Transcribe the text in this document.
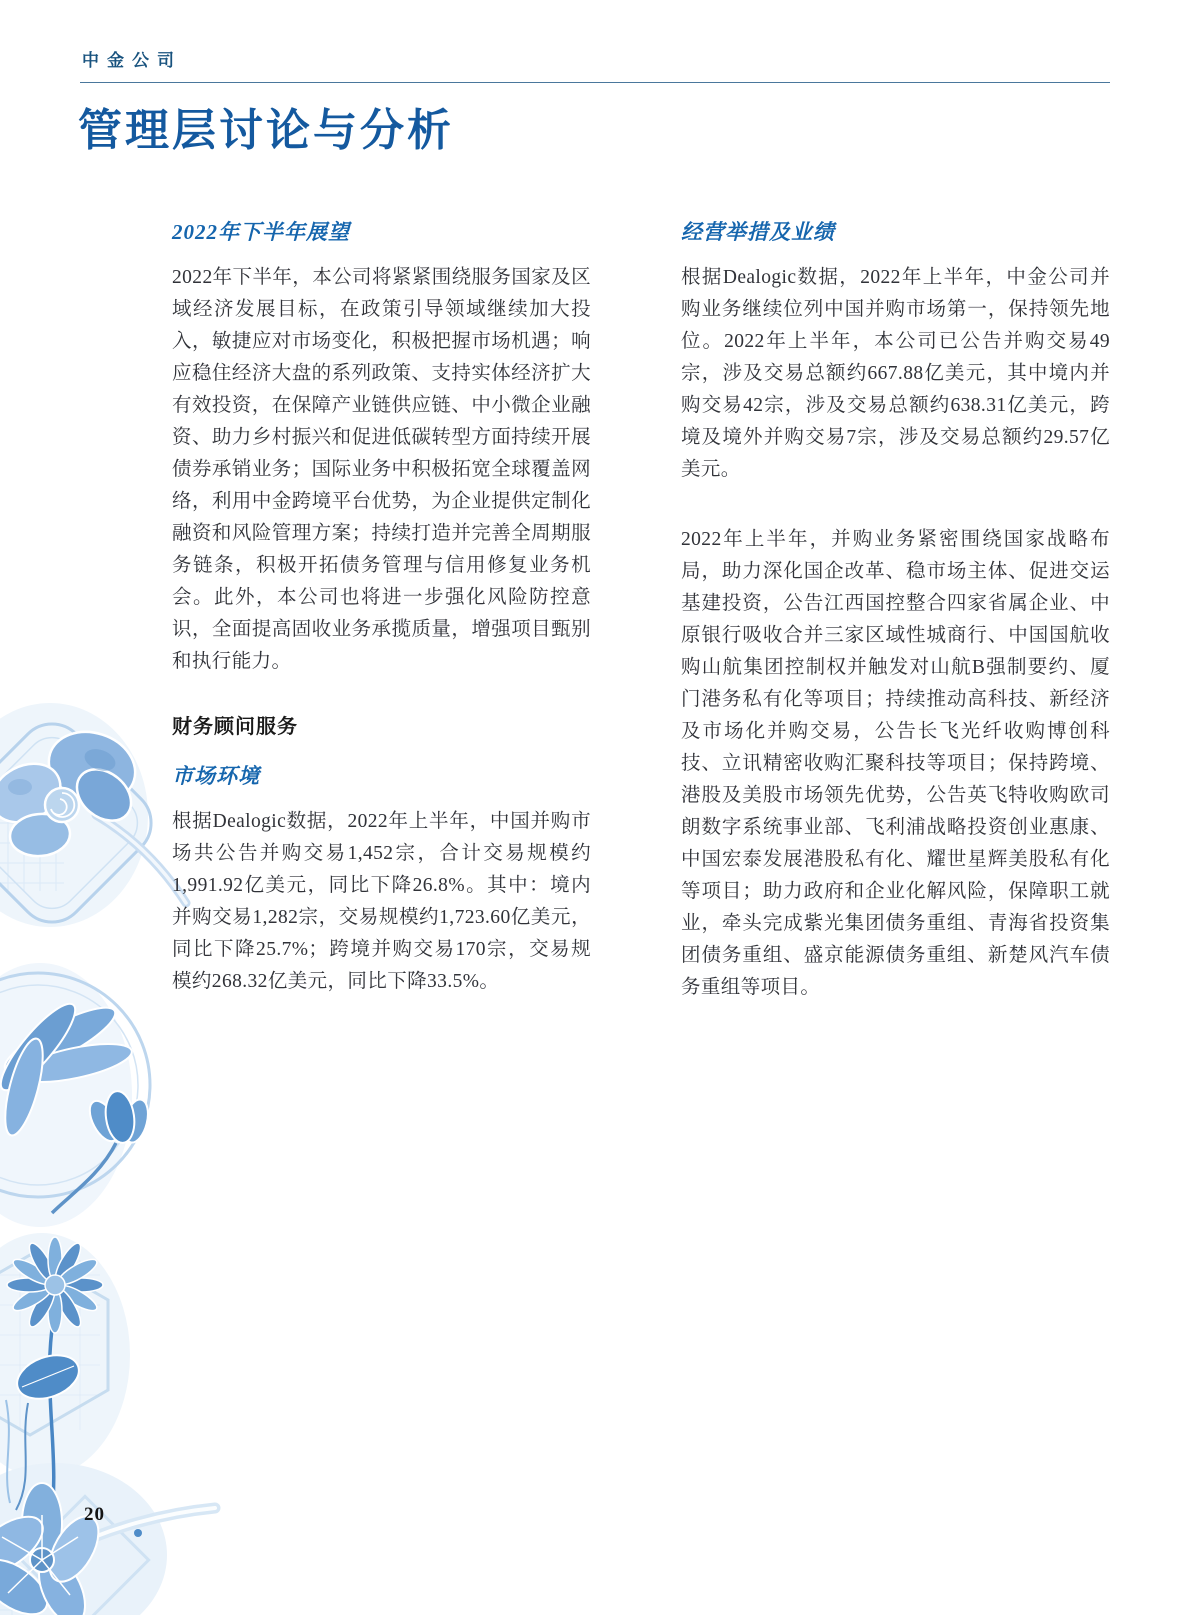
中金公司
管理层讨论与分析
2022年下半年展望

2022年下半年，本公司将紧紧围绕服务国家及区域经济发展目标，在政策引导领域继续加大投入，敏捷应对市场变化，积极把握市场机遇；响应稳住经济大盘的系列政策、支持实体经济扩大有效投资，在保障产业链供应链、中小微企业融资、助力乡村振兴和促进低碳转型方面持续开展债券承销业务；国际业务中积极拓宽全球覆盖网络，利用中金跨境平台优势，为企业提供定制化融资和风险管理方案；持续打造并完善全周期服务链条，积极开拓债务管理与信用修复业务机会。此外，本公司也将进一步强化风险防控意识，全面提高固收业务承揽质量，增强项目甄别和执行能力。

财务顾问服务
市场环境

根据Dealogic数据，2022年上半年，中国并购市场共公告并购交易1,452宗，合计交易规模约1,991.92亿美元，同比下降26.8%。其中：境内并购交易1,282宗，交易规模约1,723.60亿美元，同比下降25.7%；跨境并购交易170宗，交易规模约268.32亿美元，同比下降33.5%。

经营举措及业绩

根据Dealogic数据，2022年上半年，中金公司并购业务继续位列中国并购市场第一，保持领先地位。2022年上半年，本公司已公告并购交易49宗，涉及交易总额约667.88亿美元，其中境内并购交易42宗，涉及交易总额约638.31亿美元，跨境及境外并购交易7宗，涉及交易总额约29.57亿美元。

2022年上半年，并购业务紧密围绕国家战略布局，助力深化国企改革、稳市场主体、促进交运基建投资，公告江西国控整合四家省属企业、中原银行吸收合并三家区域性城商行、中国国航收购山航集团控制权并触发对山航B强制要约、厦门港务私有化等项目；持续推动高科技、新经济及市场化并购交易，公告长飞光纤收购博创科技、立讯精密收购汇聚科技等项目；保持跨境、港股及美股市场领先优势，公告英飞特收购欧司朗数字系统事业部、飞利浦战略投资创业惠康、中国宏泰发展港股私有化、耀世星辉美股私有化等项目；助力政府和企业化解风险，保障职工就业，牵头完成紫光集团债务重组、青海省投资集团债务重组、盛京能源债务重组、新楚风汽车债务重组等项目。

20
